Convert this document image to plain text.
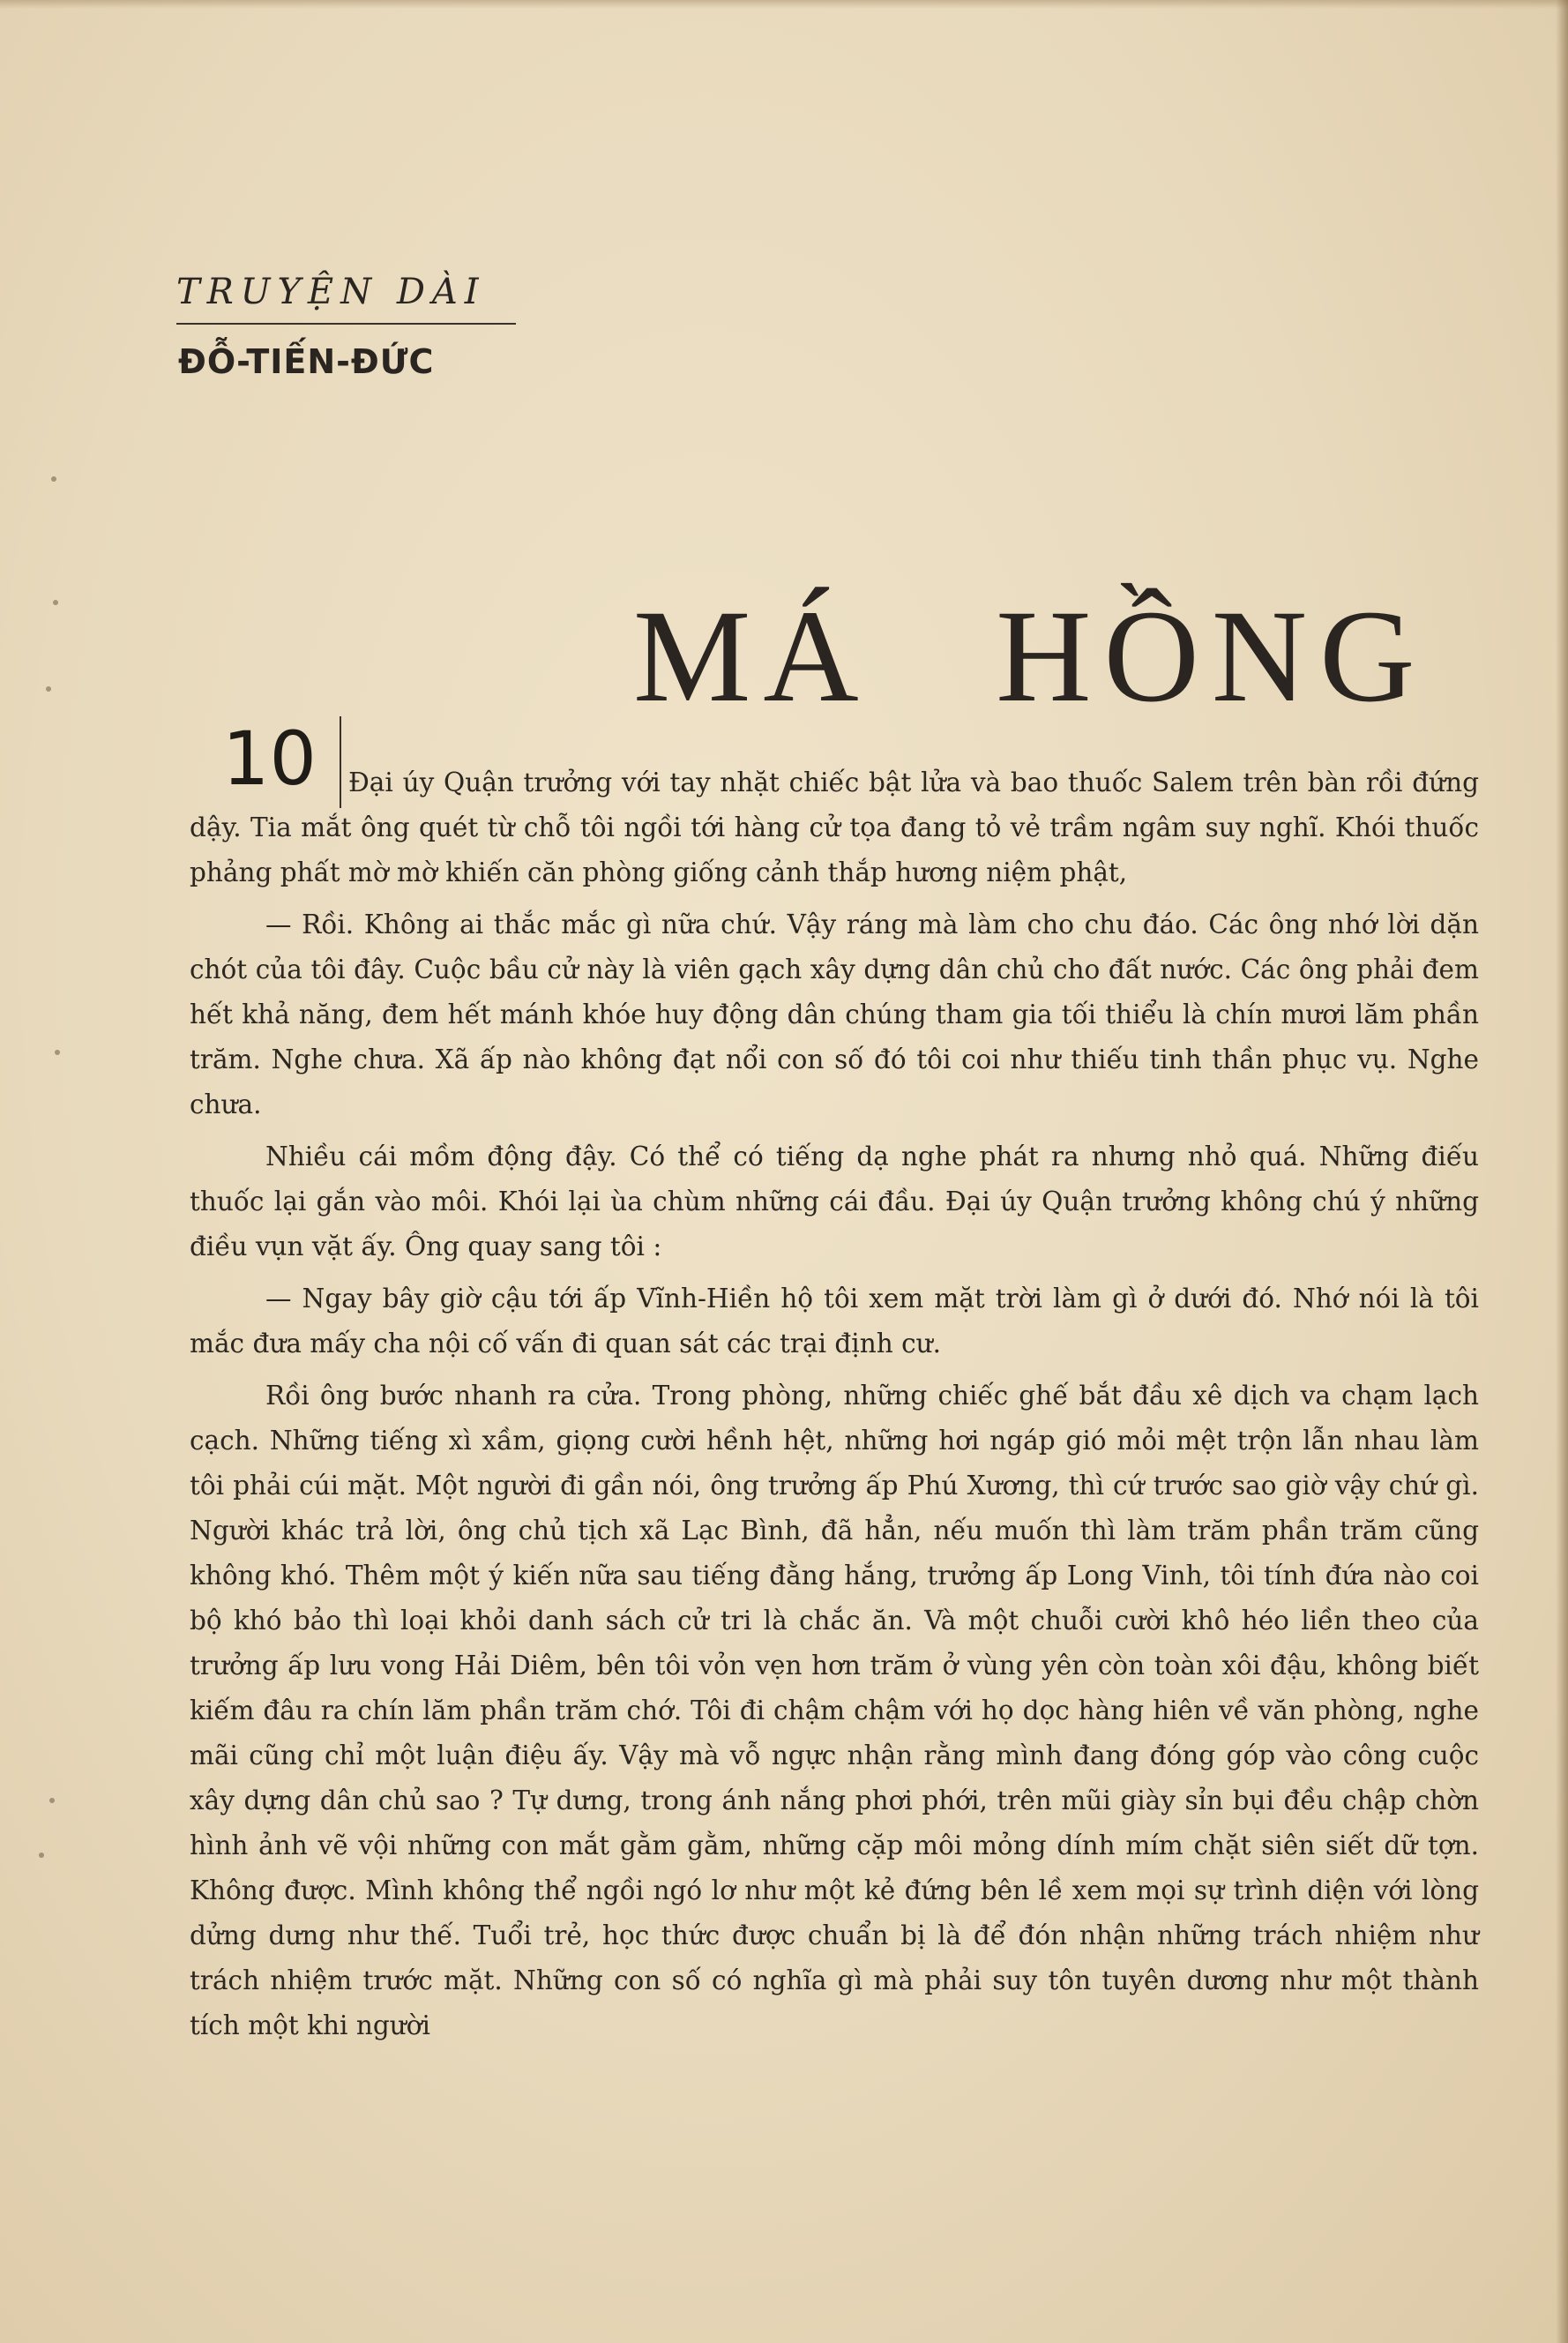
TRUYỆN DÀI
ĐỖ-TIẾN-ĐỨC
MÁ HỒNG
10	Đại úy Quận trưởng với tay nhặt chiếc bật lửa và bao thuốc Salem trên bàn rồi đứng dậy. Tia mắt ông quét từ chỗ tôi ngồi tới hàng cử tọa đang tỏ vẻ trầm ngâm suy nghĩ. Khói thuốc phảng phất mờ mờ khiến căn phòng giống cảnh thắp hương niệm phật,

— Rồi. Không ai thắc mắc gì nữa chứ. Vậy ráng mà làm cho chu đáo. Các ông nhớ lời dặn chót của tôi đây. Cuộc bầu cử này là viên gạch xây dựng dân chủ cho đất nước. Các ông phải đem hết khả năng, đem hết mánh khóe huy động dân chúng tham gia tối thiểu là chín mươi lăm phần trăm. Nghe chưa. Xã ấp nào không đạt nổi con số đó tôi coi như thiếu tinh thần phục vụ. Nghe chưa.

Nhiều cái mồm động đậy. Có thể có tiếng dạ nghe phát ra nhưng nhỏ quá. Những điếu thuốc lại gắn vào môi. Khói lại ùa chùm những cái đầu. Đại úy Quận trưởng không chú ý những điều vụn vặt ấy. Ông quay sang tôi :

— Ngay bây giờ cậu tới ấp Vĩnh-Hiền hộ tôi xem mặt trời làm gì ở dưới đó. Nhớ nói là tôi mắc đưa mấy cha nội cố vấn đi quan sát các trại định cư.

Rồi ông bước nhanh ra cửa. Trong phòng, những chiếc ghế bắt đầu xê dịch va chạm lạch cạch. Những tiếng xì xầm, giọng cười hềnh hệt, những hơi ngáp gió mỏi mệt trộn lẫn nhau làm tôi phải cúi mặt. Một người đi gần nói, ông trưởng ấp Phú Xương, thì cứ trước sao giờ vậy chứ gì. Người khác trả lời, ông chủ tịch xã Lạc Bình, đã hẳn, nếu muốn thì làm trăm phần trăm cũng không khó. Thêm một ý kiến nữa sau tiếng đằng hắng, trưởng ấp Long Vinh, tôi tính đứa nào coi bộ khó bảo thì loại khỏi danh sách cử tri là chắc ăn. Và một chuỗi cười khô héo liền theo của trưởng ấp lưu vong Hải Diêm, bên tôi vỏn vẹn hơn trăm ở vùng yên còn toàn xôi đậu, không biết kiếm đâu ra chín lăm phần trăm chớ. Tôi đi chậm chậm với họ dọc hàng hiên về văn phòng, nghe mãi cũng chỉ một luận điệu ấy. Vậy mà vỗ ngực nhận rằng mình đang đóng góp vào công cuộc xây dựng dân chủ sao ? Tự dưng, trong ánh nắng phơi phới, trên mũi giày sỉn bụi đều chập chờn hình ảnh vẽ vội những con mắt gằm gằm, những cặp môi mỏng dính mím chặt siên siết dữ tợn. Không được. Mình không thể ngồi ngó lơ như một kẻ đứng bên lề xem mọi sự trình diện với lòng dửng dưng như thế. Tuổi trẻ, học thức được chuẩn bị là để đón nhận những trách nhiệm như trách nhiệm trước mặt. Những con số có nghĩa gì mà phải suy tôn tuyên dương như một thành tích một khi người
